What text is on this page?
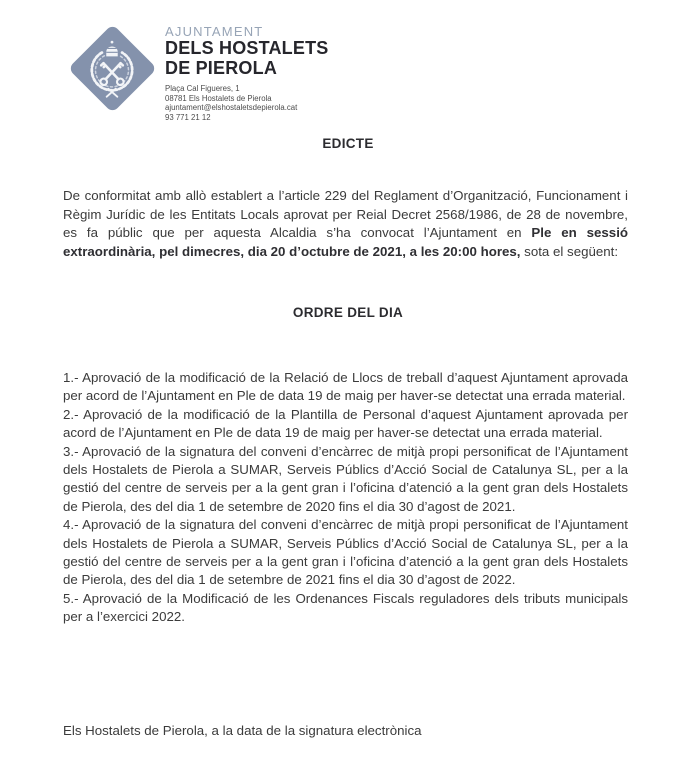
AJUNTAMENT
DELS HOSTALETS
DE PIEROLA
Plaça Cal Figueres, 1
08781 Els Hostalets de Pierola
ajuntament@elshostaletsdepierola.cat
93 771 21 12
EDICTE

De conformitat amb allò establert a l’article 229 del Reglament d’Organització, Funcionament i Règim Jurídic de les Entitats Locals aprovat per Reial Decret 2568/1986, de 28 de novembre, es fa públic que per aquesta Alcaldia s’ha convocat l’Ajuntament en Ple en sessió extraordinària, pel dimecres, dia 20 d’octubre de 2021, a les 20:00 hores, sota el següent:

ORDRE DEL DIA

1.- Aprovació de la modificació de la Relació de Llocs de treball d’aquest Ajuntament aprovada per acord de l’Ajuntament en Ple de data 19 de maig per haver-se detectat una errada material.

2.- Aprovació de la modificació de la Plantilla de Personal d’aquest Ajuntament aprovada per acord de l’Ajuntament en Ple de data 19 de maig per haver-se detectat una errada material.

3.- Aprovació de la signatura del conveni d’encàrrec de mitjà propi personificat de l’Ajuntament dels Hostalets de Pierola a SUMAR, Serveis Públics d’Acció Social de Catalunya SL, per a la gestió del centre de serveis per a la gent gran i l’oficina d’atenció a la gent gran dels Hostalets de Pierola, des del dia 1 de setembre de 2020 fins el dia 30 d’agost de 2021.

4.- Aprovació de la signatura del conveni d’encàrrec de mitjà propi personificat de l’Ajuntament dels Hostalets de Pierola a SUMAR, Serveis Públics d’Acció Social de Catalunya SL, per a la gestió del centre de serveis per a la gent gran i l’oficina d’atenció a la gent gran dels Hostalets de Pierola, des del dia 1 de setembre de 2021 fins el dia 30 d’agost de 2022.

5.- Aprovació de la Modificació de les Ordenances Fiscals reguladores dels tributs municipals per a l’exercici 2022.

Els Hostalets de Pierola, a la data de la signatura electrònica
